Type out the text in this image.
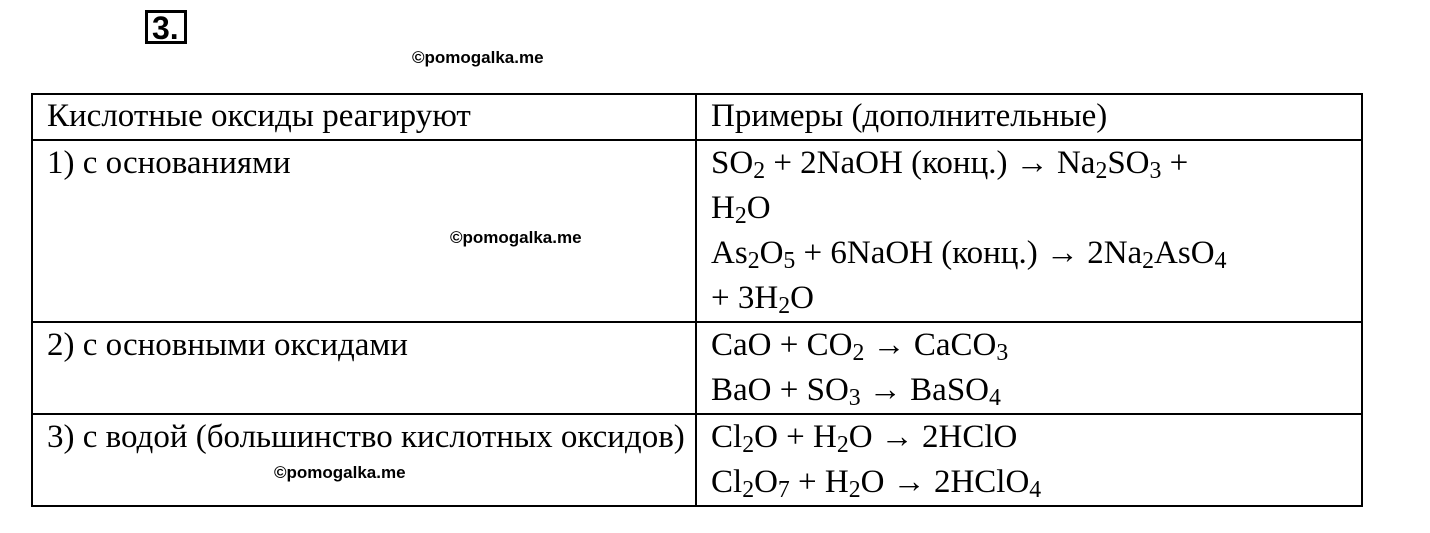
3.
©pomogalka.me
Кислотные оксиды реагируют	Примеры (дополнительные)

1) с основаниями	$SO_2$ + 2NaOH (конц.) → $Na_2SO_3$ +
$H_2O$
$As_2O_5$ + 6NaOH (конц.) → $2Na_2AsO_4$
+ $3H_2O$

2) с основными оксидами	CaO + $CO_2$ → CaCO$_3$
BaO + $SO_3$ → BaSO$_4$

3) с водой (большинство кислотных оксидов)	$Cl_2O + H_2O$ → 2HClO
$Cl_2O_7 + H_2O$ → 2HClO$_4$
©pomogalka.me
©pomogalka.me
